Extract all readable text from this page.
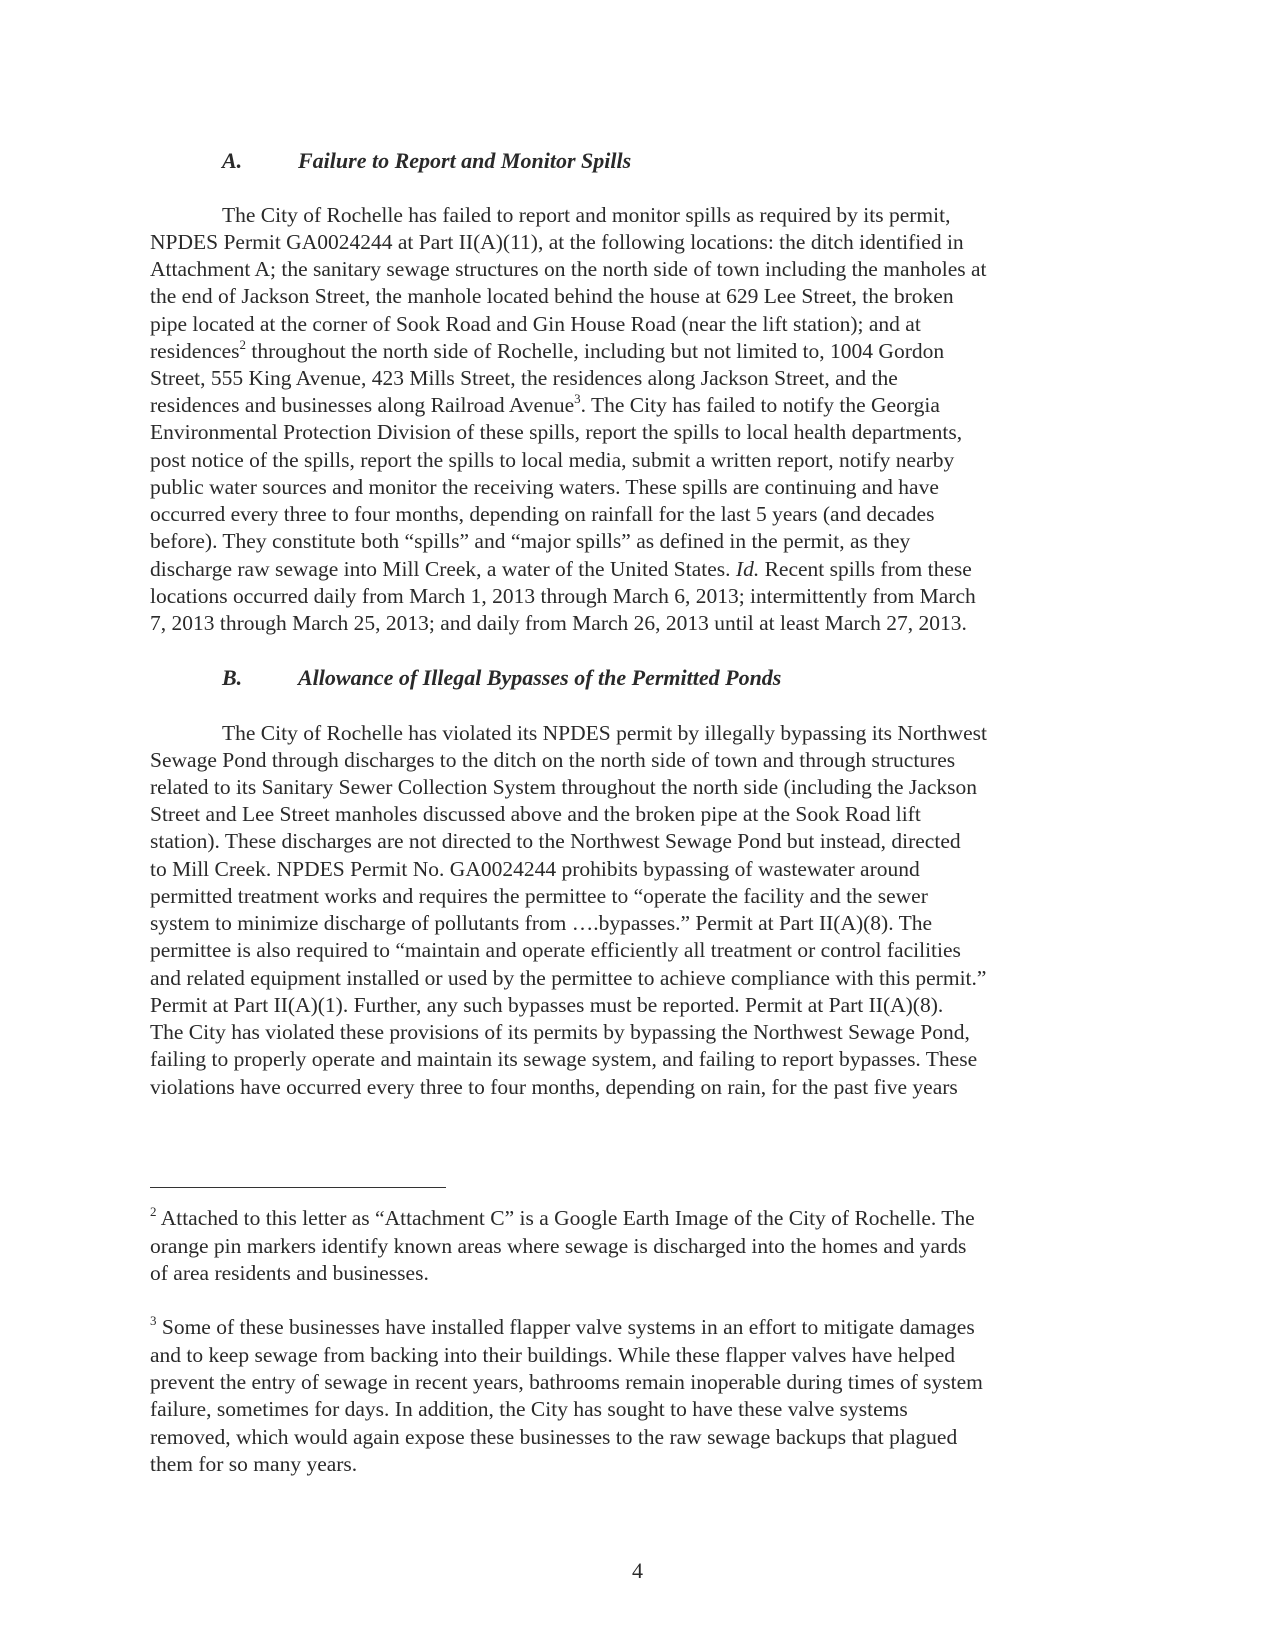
A.	Failure to Report and Monitor Spills
The City of Rochelle has failed to report and monitor spills as required by its permit,
NPDES Permit GA0024244 at Part II(A)(11), at the following locations: the ditch identified in
Attachment A; the sanitary sewage structures on the north side of town including the manholes at
the end of Jackson Street, the manhole located behind the house at 629 Lee Street, the broken
pipe located at the corner of Sook Road and Gin House Road (near the lift station); and at
residences$^2$ throughout the north side of Rochelle, including but not limited to, 1004 Gordon
Street, 555 King Avenue, 423 Mills Street, the residences along Jackson Street, and the
residences and businesses along Railroad Avenue$^3$. The City has failed to notify the Georgia
Environmental Protection Division of these spills, report the spills to local health departments,
post notice of the spills, report the spills to local media, submit a written report, notify nearby
public water sources and monitor the receiving waters. These spills are continuing and have
occurred every three to four months, depending on rainfall for the last 5 years (and decades
before). They constitute both “spills” and “major spills” as defined in the permit, as they
discharge raw sewage into Mill Creek, a water of the United States. Id. Recent spills from these
locations occurred daily from March 1, 2013 through March 6, 2013; intermittently from March
7, 2013 through March 25, 2013; and daily from March 26, 2013 until at least March 27, 2013.
B.	Allowance of Illegal Bypasses of the Permitted Ponds
The City of Rochelle has violated its NPDES permit by illegally bypassing its Northwest
Sewage Pond through discharges to the ditch on the north side of town and through structures
related to its Sanitary Sewer Collection System throughout the north side (including the Jackson
Street and Lee Street manholes discussed above and the broken pipe at the Sook Road lift
station). These discharges are not directed to the Northwest Sewage Pond but instead, directed
to Mill Creek. NPDES Permit No. GA0024244 prohibits bypassing of wastewater around
permitted treatment works and requires the permittee to “operate the facility and the sewer
system to minimize discharge of pollutants from ….bypasses.” Permit at Part II(A)(8). The
permittee is also required to “maintain and operate efficiently all treatment or control facilities
and related equipment installed or used by the permittee to achieve compliance with this permit.”
Permit at Part II(A)(1). Further, any such bypasses must be reported. Permit at Part II(A)(8).
The City has violated these provisions of its permits by bypassing the Northwest Sewage Pond,
failing to properly operate and maintain its sewage system, and failing to report bypasses. These
violations have occurred every three to four months, depending on rain, for the past five years
$^2$ Attached to this letter as “Attachment C” is a Google Earth Image of the City of Rochelle. The
orange pin markers identify known areas where sewage is discharged into the homes and yards
of area residents and businesses.
$^3$ Some of these businesses have installed flapper valve systems in an effort to mitigate damages
and to keep sewage from backing into their buildings. While these flapper valves have helped
prevent the entry of sewage in recent years, bathrooms remain inoperable during times of system
failure, sometimes for days. In addition, the City has sought to have these valve systems
removed, which would again expose these businesses to the raw sewage backups that plagued
them for so many years.
4
